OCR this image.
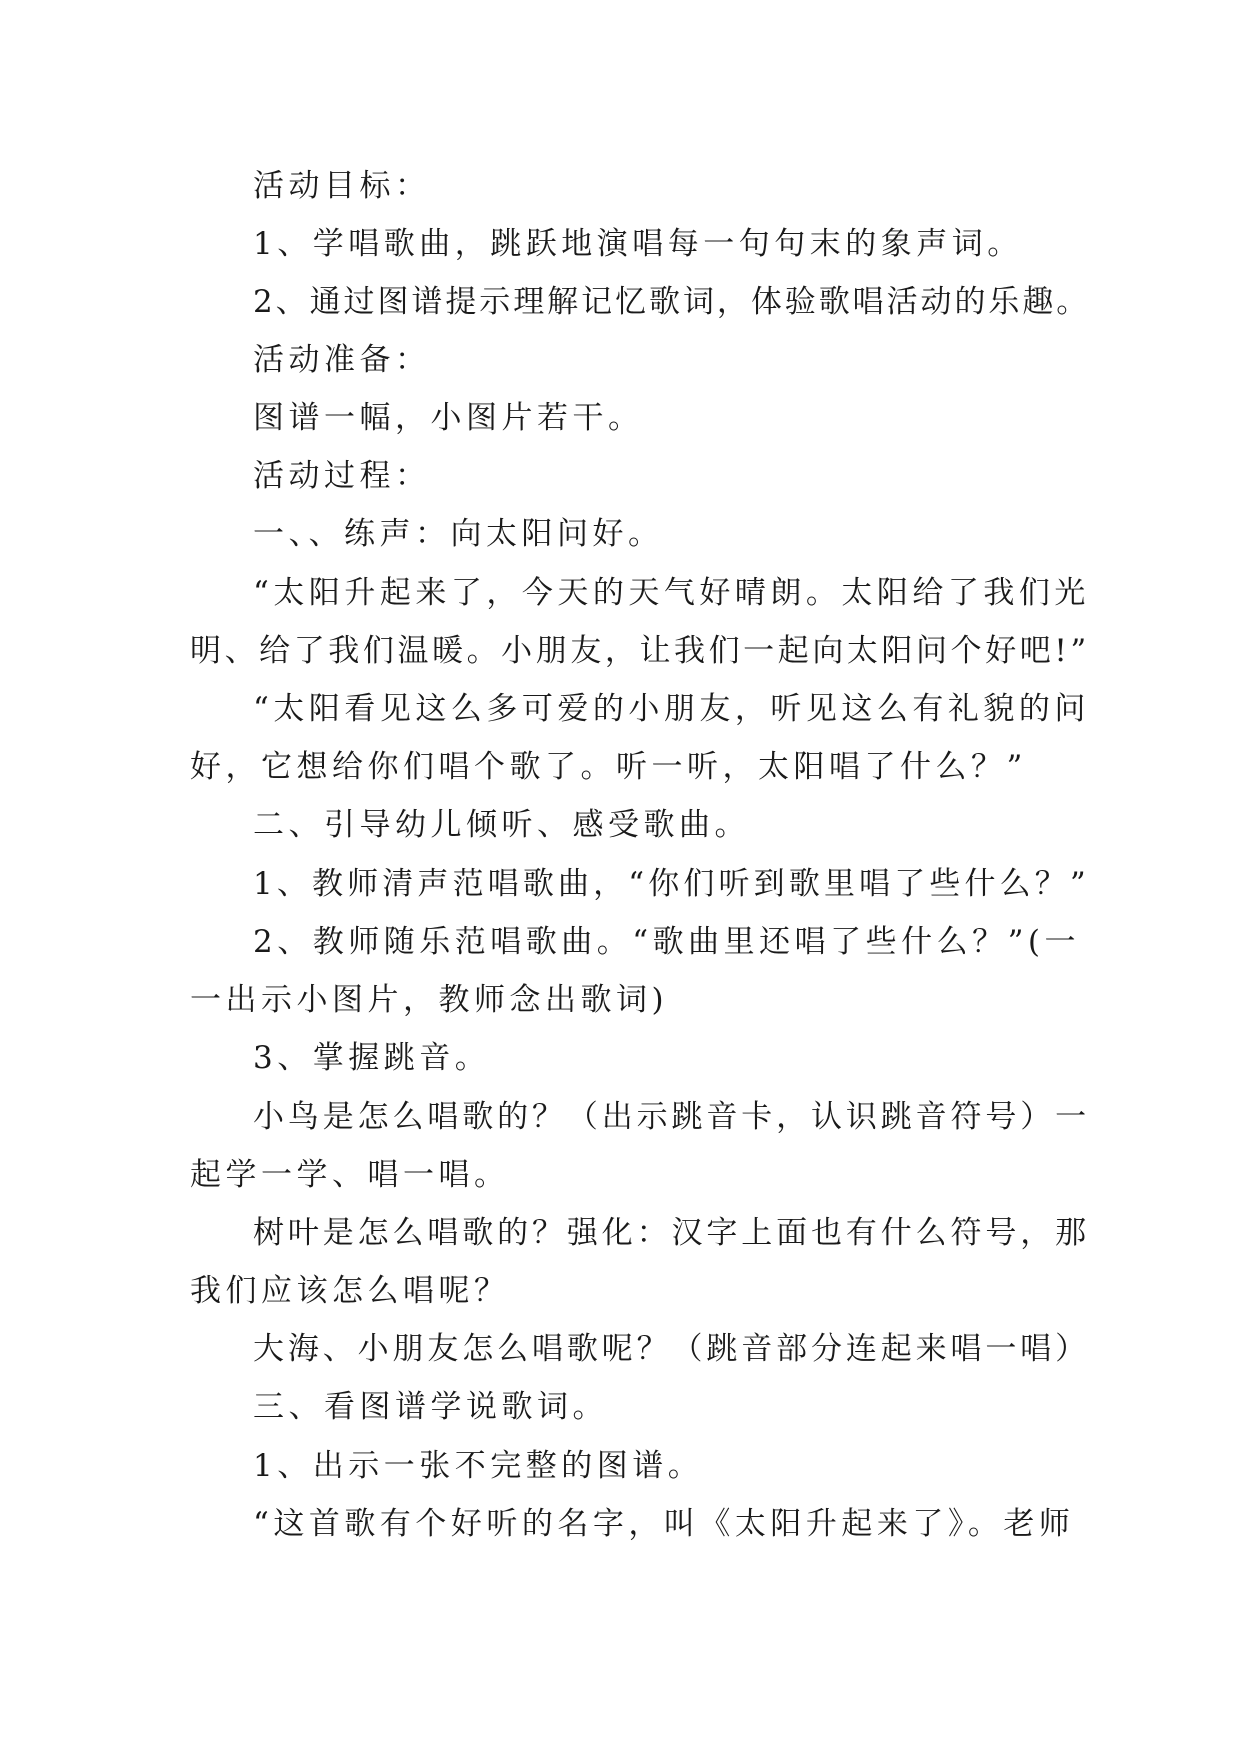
活动目标：
1、学唱歌曲，跳跃地演唱每一句句末的象声词。
2、通过图谱提示理解记忆歌词，体验歌唱活动的乐趣。
活动准备：
图谱一幅，小图片若干。
活动过程：
一、、练声：向太阳问好。
“太阳升起来了，今天的天气好晴朗。太阳给了我们光
明、给了我们温暖。小朋友，让我们一起向太阳问个好吧!”
“太阳看见这么多可爱的小朋友，听见这么有礼貌的问
好，它想给你们唱个歌了。听一听，太阳唱了什么？”
二、引导幼儿倾听、感受歌曲。
1、教师清声范唱歌曲，“你们听到歌里唱了些什么？”
2、教师随乐范唱歌曲。“歌曲里还唱了些什么？”(一
一出示小图片，教师念出歌词)
3、掌握跳音。
小鸟是怎么唱歌的？（出示跳音卡，认识跳音符号）一
起学一学、唱一唱。
树叶是怎么唱歌的？强化：汉字上面也有什么符号，那
我们应该怎么唱呢？
大海、小朋友怎么唱歌呢？（跳音部分连起来唱一唱）
三、看图谱学说歌词。
1、出示一张不完整的图谱。
“这首歌有个好听的名字，叫《太阳升起来了》。老师
